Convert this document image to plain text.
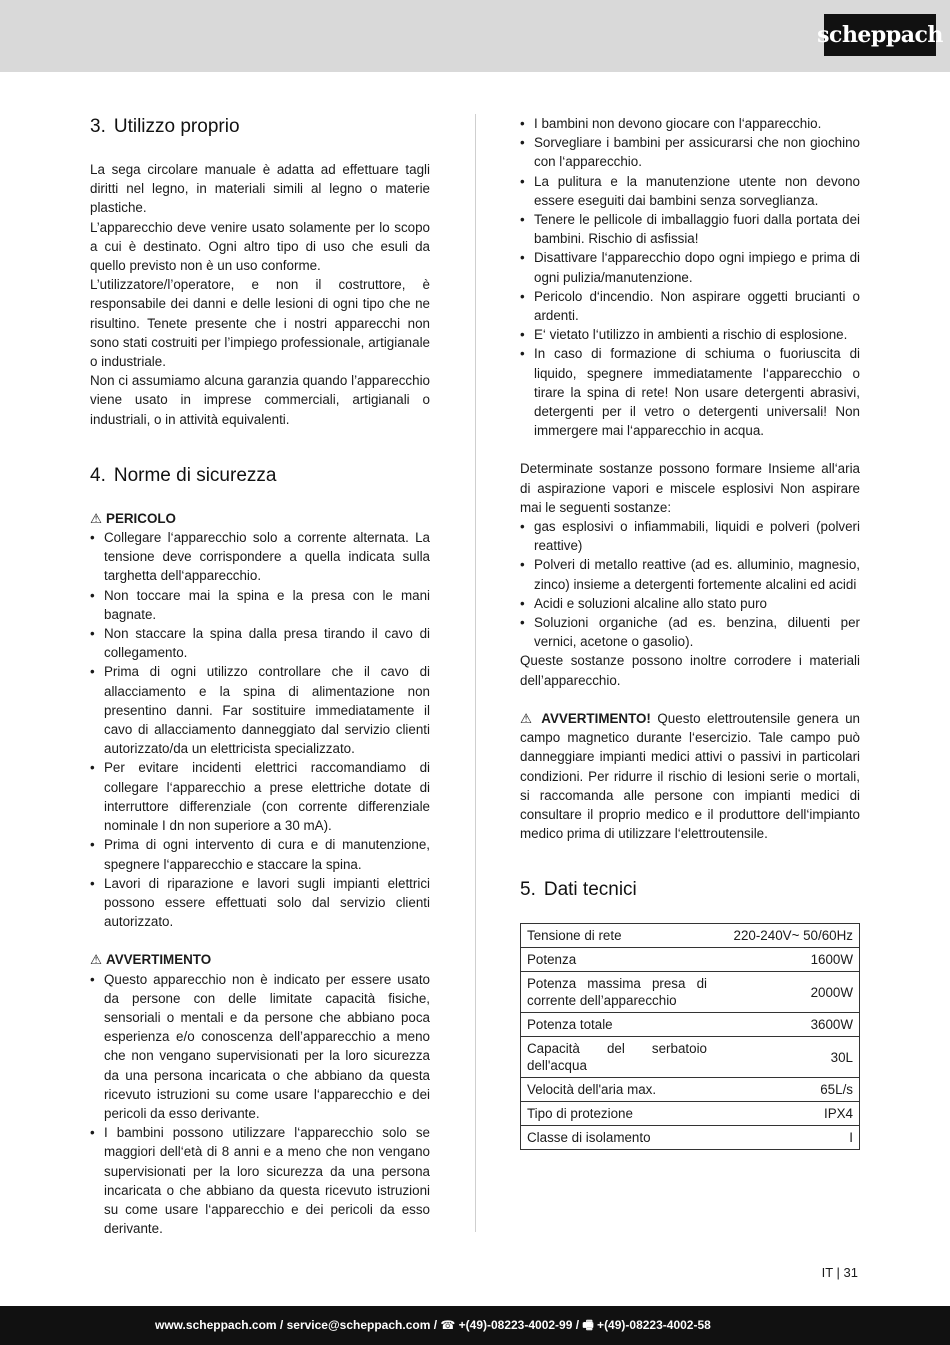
scheppach
3. Utilizzo proprio

La sega circolare manuale è adatta ad effettuare tagli diritti nel legno, in materiali simili al legno o materie plastiche.

L’apparecchio deve venire usato solamente per lo scopo a cui è destinato. Ogni altro tipo di uso che esuli da quello previsto non è un uso conforme.

L’utilizzatore/l’operatore, e non il costruttore, è responsabile dei danni e delle lesioni di ogni tipo che ne risultino. Tenete presente che i nostri apparecchi non sono stati costruiti per l’impiego professionale, artigianale o industriale.

Non ci assumiamo alcuna garanzia quando l’apparecchio viene usato in imprese commerciali, artigianali o industriali, o in attività equivalenti.

4. Norme di sicurezza

⚠ PERICOLO

• Collegare l‘apparecchio solo a corrente alternata. La tensione deve corrispondere a quella indicata sulla targhetta dell‘apparecchio.
• Non toccare mai la spina e la presa con le mani bagnate.
• Non staccare la spina dalla presa tirando il cavo di collegamento.
• Prima di ogni utilizzo controllare che il cavo di allacciamento e la spina di alimentazione non presentino danni. Far sostituire immediatamente il cavo di allacciamento danneggiato dal servizio clienti autorizzato/da un elettricista specializzato.
• Per evitare incidenti elettrici raccomandiamo di collegare l‘apparecchio a prese elettriche dotate di interruttore differenziale (con corrente differenziale nominale I dn non superiore a 30 mA).
• Prima di ogni intervento di cura e di manutenzione, spegnere l‘apparecchio e staccare la spina.
• Lavori di riparazione e lavori sugli impianti elettrici possono essere effettuati solo dal servizio clienti autorizzato.

⚠ AVVERTIMENTO

• Questo apparecchio non è indicato per essere usato da persone con delle limitate capacità fisiche, sensoriali o mentali e da persone che abbiano poca esperienza e/o conoscenza dell’apparecchio a meno che non vengano supervisionati per la loro sicurezza da una persona incaricata o che abbiano da questa ricevuto istruzioni su come usare l‘apparecchio e dei pericoli da esso derivante.
• I bambini possono utilizzare l‘apparecchio solo se maggiori dell‘età di 8 anni e a meno che non vengano supervisionati per la loro sicurezza da una persona incaricata o che abbiano da questa ricevuto istruzioni su come usare l‘apparecchio e dei pericoli da esso derivante.
• I bambini non devono giocare con l‘apparecchio.
• Sorvegliare i bambini per assicurarsi che non giochino con l‘apparecchio.
• La pulitura e la manutenzione utente non devono essere eseguiti dai bambini senza sorveglianza.
• Tenere le pellicole di imballaggio fuori dalla portata dei bambini. Rischio di asfissia!
• Disattivare l‘apparecchio dopo ogni impiego e prima di ogni pulizia/manutenzione.
• Pericolo d‘incendio. Non aspirare oggetti brucianti o ardenti.
• E‘ vietato l‘utilizzo in ambienti a rischio di esplosione.
• In caso di formazione di schiuma o fuoriuscita di liquido, spegnere immediatamente l‘apparecchio o tirare la spina di rete! Non usare detergenti abrasivi, detergenti per il vetro o detergenti universali! Non immergere mai l‘apparecchio in acqua.

Determinate sostanze possono formare Insieme all‘aria di aspirazione vapori e miscele esplosivi Non aspirare mai le seguenti sostanze:

• gas esplosivi o infiammabili, liquidi e polveri (polveri reattive)
• Polveri di metallo reattive (ad es. alluminio, magnesio, zinco) insieme a detergenti fortemente alcalini ed acidi
• Acidi e soluzioni alcaline allo stato puro
• Soluzioni organiche (ad es. benzina, diluenti per vernici, acetone o gasolio).

Queste sostanze possono inoltre corrodere i materiali dell’apparecchio.

⚠ AVVERTIMENTO! Questo elettroutensile genera un campo magnetico durante l‘esercizio. Tale campo può danneggiare impianti medici attivi o passivi in particolari condizioni. Per ridurre il rischio di lesioni serie o mortali, si raccomanda alle persone con impianti medici di consultare il proprio medico e il produttore dell‘impianto medico prima di utilizzare l‘elettroutensile.

5. Dati tecnici
Tensione di rete	220-240V~ 50/60Hz
Potenza	1600W
Potenza massima presa di corrente dell’apparecchio	2000W
Potenza totale	3600W
Capacità del serbatoio dell'acqua	30L
Velocità dell'aria max.	65L/s
Tipo di protezione	IPX4
Classe di isolamento	I
IT | 31
www.scheppach.com / service@scheppach.com / ☎ +(49)-08223-4002-99 / 🖷 +(49)-08223-4002-58
